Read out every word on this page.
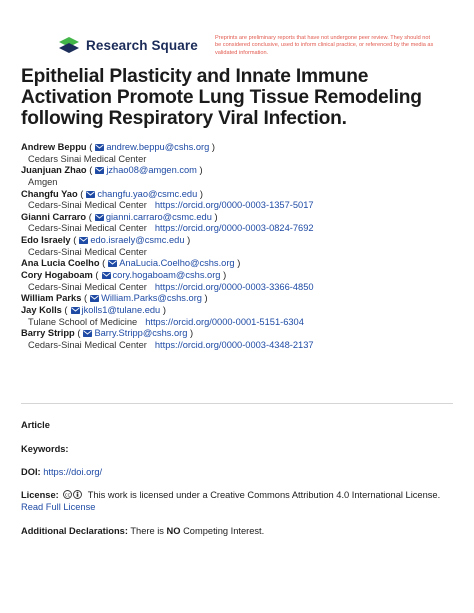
Research Square	Preprints are preliminary reports that have not undergone peer review. They should not be considered conclusive, used to inform clinical practice, or referenced by the media as validated information.
Epithelial Plasticity and Innate Immune Activation Promote Lung Tissue Remodeling following Respiratory Viral Infection.
Andrew Beppu ( andrew.beppu@cshs.org )
Cedars Sinai Medical Center
Juanjuan Zhao ( jzhao08@amgen.com )
Amgen
Changfu Yao ( changfu.yao@csmc.edu )
Cedars-Sinai Medical Center https://orcid.org/0000-0003-1357-5017
Gianni Carraro ( gianni.carraro@csmc.edu )
Cedars-Sinai Medical Center https://orcid.org/0000-0003-0824-7692
Edo Israely ( edo.israely@csmc.edu )
Cedars-Sinai Medical Center
Ana Lucia Coelho ( AnaLucia.Coelho@cshs.org )
Cory Hogaboam ( cory.hogaboam@cshs.org )
Cedars-Sinai Medical Center https://orcid.org/0000-0003-3366-4850
William Parks ( William.Parks@cshs.org )
Jay Kolls ( jkolls1@tulane.edu )
Tulane School of Medicine https://orcid.org/0000-0001-5151-6304
Barry Stripp ( Barry.Stripp@cshs.org )
Cedars-Sinai Medical Center https://orcid.org/0000-0003-4348-2137
Article
Keywords:
DOI: https://doi.org/
License: cc This work is licensed under a Creative Commons Attribution 4.0 International License.
Read Full License
Additional Declarations: There is NO Competing Interest.
